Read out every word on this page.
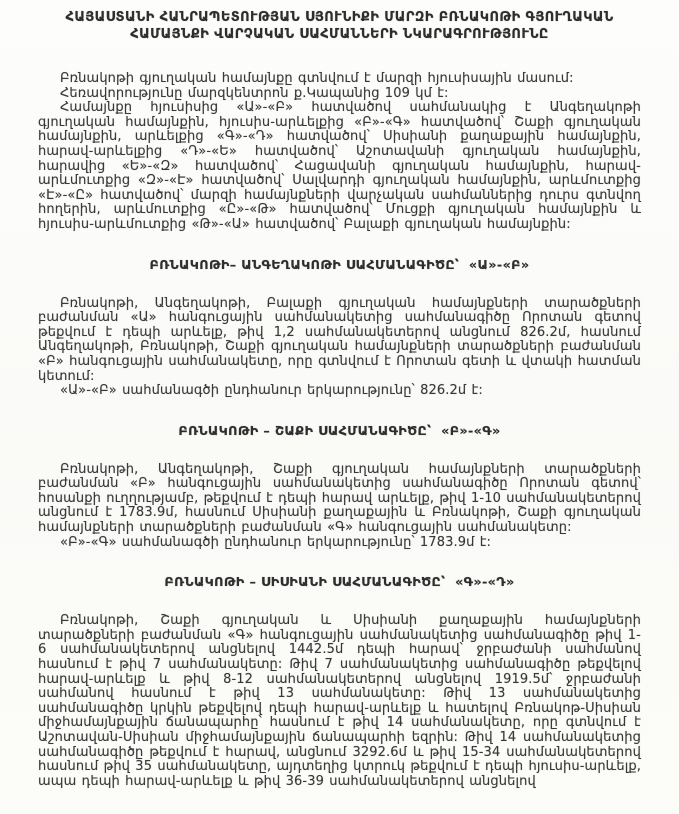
ՀԱՅԱՍՏԱՆԻ ՀԱՆՐԱՊԵՏՈՒԹՅԱՆ ՍՅՈՒՆԻՔԻ ՄԱՐԶԻ ԲՌՆԱԿՈԹԻ ԳՅՈՒՂԱԿԱՆ
ՀԱՄԱՅՆՔԻ ՎԱՐՉԱԿԱՆ ՍԱՀՄԱՆՆԵՐԻ ՆԿԱՐԱԳՐՈՒԹՅՈՒՆԸ

Բռնակոթի գյուղական համայնքը գտնվում է մարզի հյուսիսային մասում:

Հեռավորությունը մարզկենտրոն ք.Կապանից 109 կմ է:

Համայնքը հյուսիսից «Ա»-«Բ» հատվածով սահմանակից է Անգեղակոթի գյուղական համայնքին, հյուսիս-արևելքից «Բ»-«Գ» հատվածով՝ Շաքի գյուղական համայնքին, արևելքից «Գ»-«Դ» հատվածով՝ Սիսիանի քաղաքային համայնքին, հարավ-արևելքից «Դ»-«Ե» հատվածով՝ Աշոտավանի գյուղական համայնքին, հարավից «Ե»-«Զ» հատվածով՝ Հացավանի գյուղական համայնքին, հարավ-արևմուտքից «Զ»-«Է» հատվածով՝ Սալվարդի գյուղական համայնքին, արևմուտքից «Է»-«Ը» հատվածով՝ մարզի համայնքների վարչական սահմաններից դուրս գտնվող հողերին, արևմուտքից «Ը»-«Թ» հատվածով՝ Մուցքի գյուղական համայնքին և հյուսիս-արևմուտքից «Թ»-«Ա» հատվածով՝ Բալաքի գյուղական համայնքին:

ԲՌՆԱԿՈԹԻ– ԱՆԳԵՂԱԿՈԹԻ ՍԱՀՄԱՆԱԳԻԾԸ՝  «Ա»-«Բ»

Բռնակոթի, Անգեղակոթի, Բալաքի գյուղական համայնքների տարածքների բաժանման «Ա» հանգուցային սահմանակետից սահմանագիծը Որոտան գետով թեքվում է դեպի արևելք, թիվ 1,2 սահմանակետերով անցնում 826.2մ, հասնում Անգեղակոթի, Բռնակոթի, Շաքի գյուղական համայնքների տարածքների բաժանման «Բ» հանգուցային սահմանակետը, որը գտնվում է Որոտան գետի և վտակի հատման կետում:

«Ա»-«Բ» սահմանագծի ընդհանուր երկարությունը՝ 826.2մ է:

ԲՌՆԱԿՈԹԻ – ՇԱՔԻ ՍԱՀՄԱՆԱԳԻԾԸ՝  «Բ»-«Գ»

Բռնակոթի, Անգեղակոթի, Շաքի գյուղական համայնքների տարածքների բաժանման «Բ» հանգուցային սահմանակետից սահմանագիծը Որոտան գետով՝ հոսանքի ուղղությամբ, թեքվում է դեպի հարավ արևելք, թիվ 1-10 սահմանակետերով անցնում է 1783.9մ, հասնում Սիսիանի քաղաքային և Բռնակոթի, Շաքի գյուղական համայնքների տարածքների բաժանման «Գ» հանգուցային սահմանակետը:

«Բ»-«Գ» սահմանագծի ընդհանուր երկարությունը՝ 1783.9մ է:

ԲՌՆԱԿՈԹԻ – ՍԻՍԻԱՆԻ ՍԱՀՄԱՆԱԳԻԾԸ՝  «Գ»-«Դ»

Բռնակոթի, Շաքի գյուղական և Սիսիանի քաղաքային համայնքների տարածքների բաժանման «Գ» հանգուցային սահմանակետից սահմանագիծը թիվ 1-6 սահմանակետերով անցնելով 1442.5մ դեպի հարավ՝ ջրբաժանի սահմանով հասնում է թիվ 7 սահմանակետը: Թիվ 7 սահմանակետից սահմանագիծը թեքվելով հարավ-արևելք և թիվ 8-12 սահմանակետերով անցնելով 1919.5մ՝ ջրբաժանի սահմանով հասնում է թիվ 13 սահմանակետը: Թիվ 13 սահմանակետից սահմանագիծը կրկին թեքվելով դեպի հարավ-արևելք և հատելով Բռնակոթ-Սիսիան միջհամայնքային ճանապարհը՝ հասնում է թիվ 14 սահմանակետը, որը գտնվում է Աշոտավան-Սիսիան միջհամայնքային ճանապարհի եզրին: Թիվ 14 սահմանակետից սահմանագիծը թեքվում է հարավ, անցնում 3292.6մ և թիվ 15-34 սահմանակետերով հասնում թիվ 35 սահմանակետը, այդտեղից կտրուկ թեքվում է դեպի հյուսիս-արևելք, ապա դեպի հարավ-արևելք և թիվ 36-39 սահմանակետերով անցնելով
